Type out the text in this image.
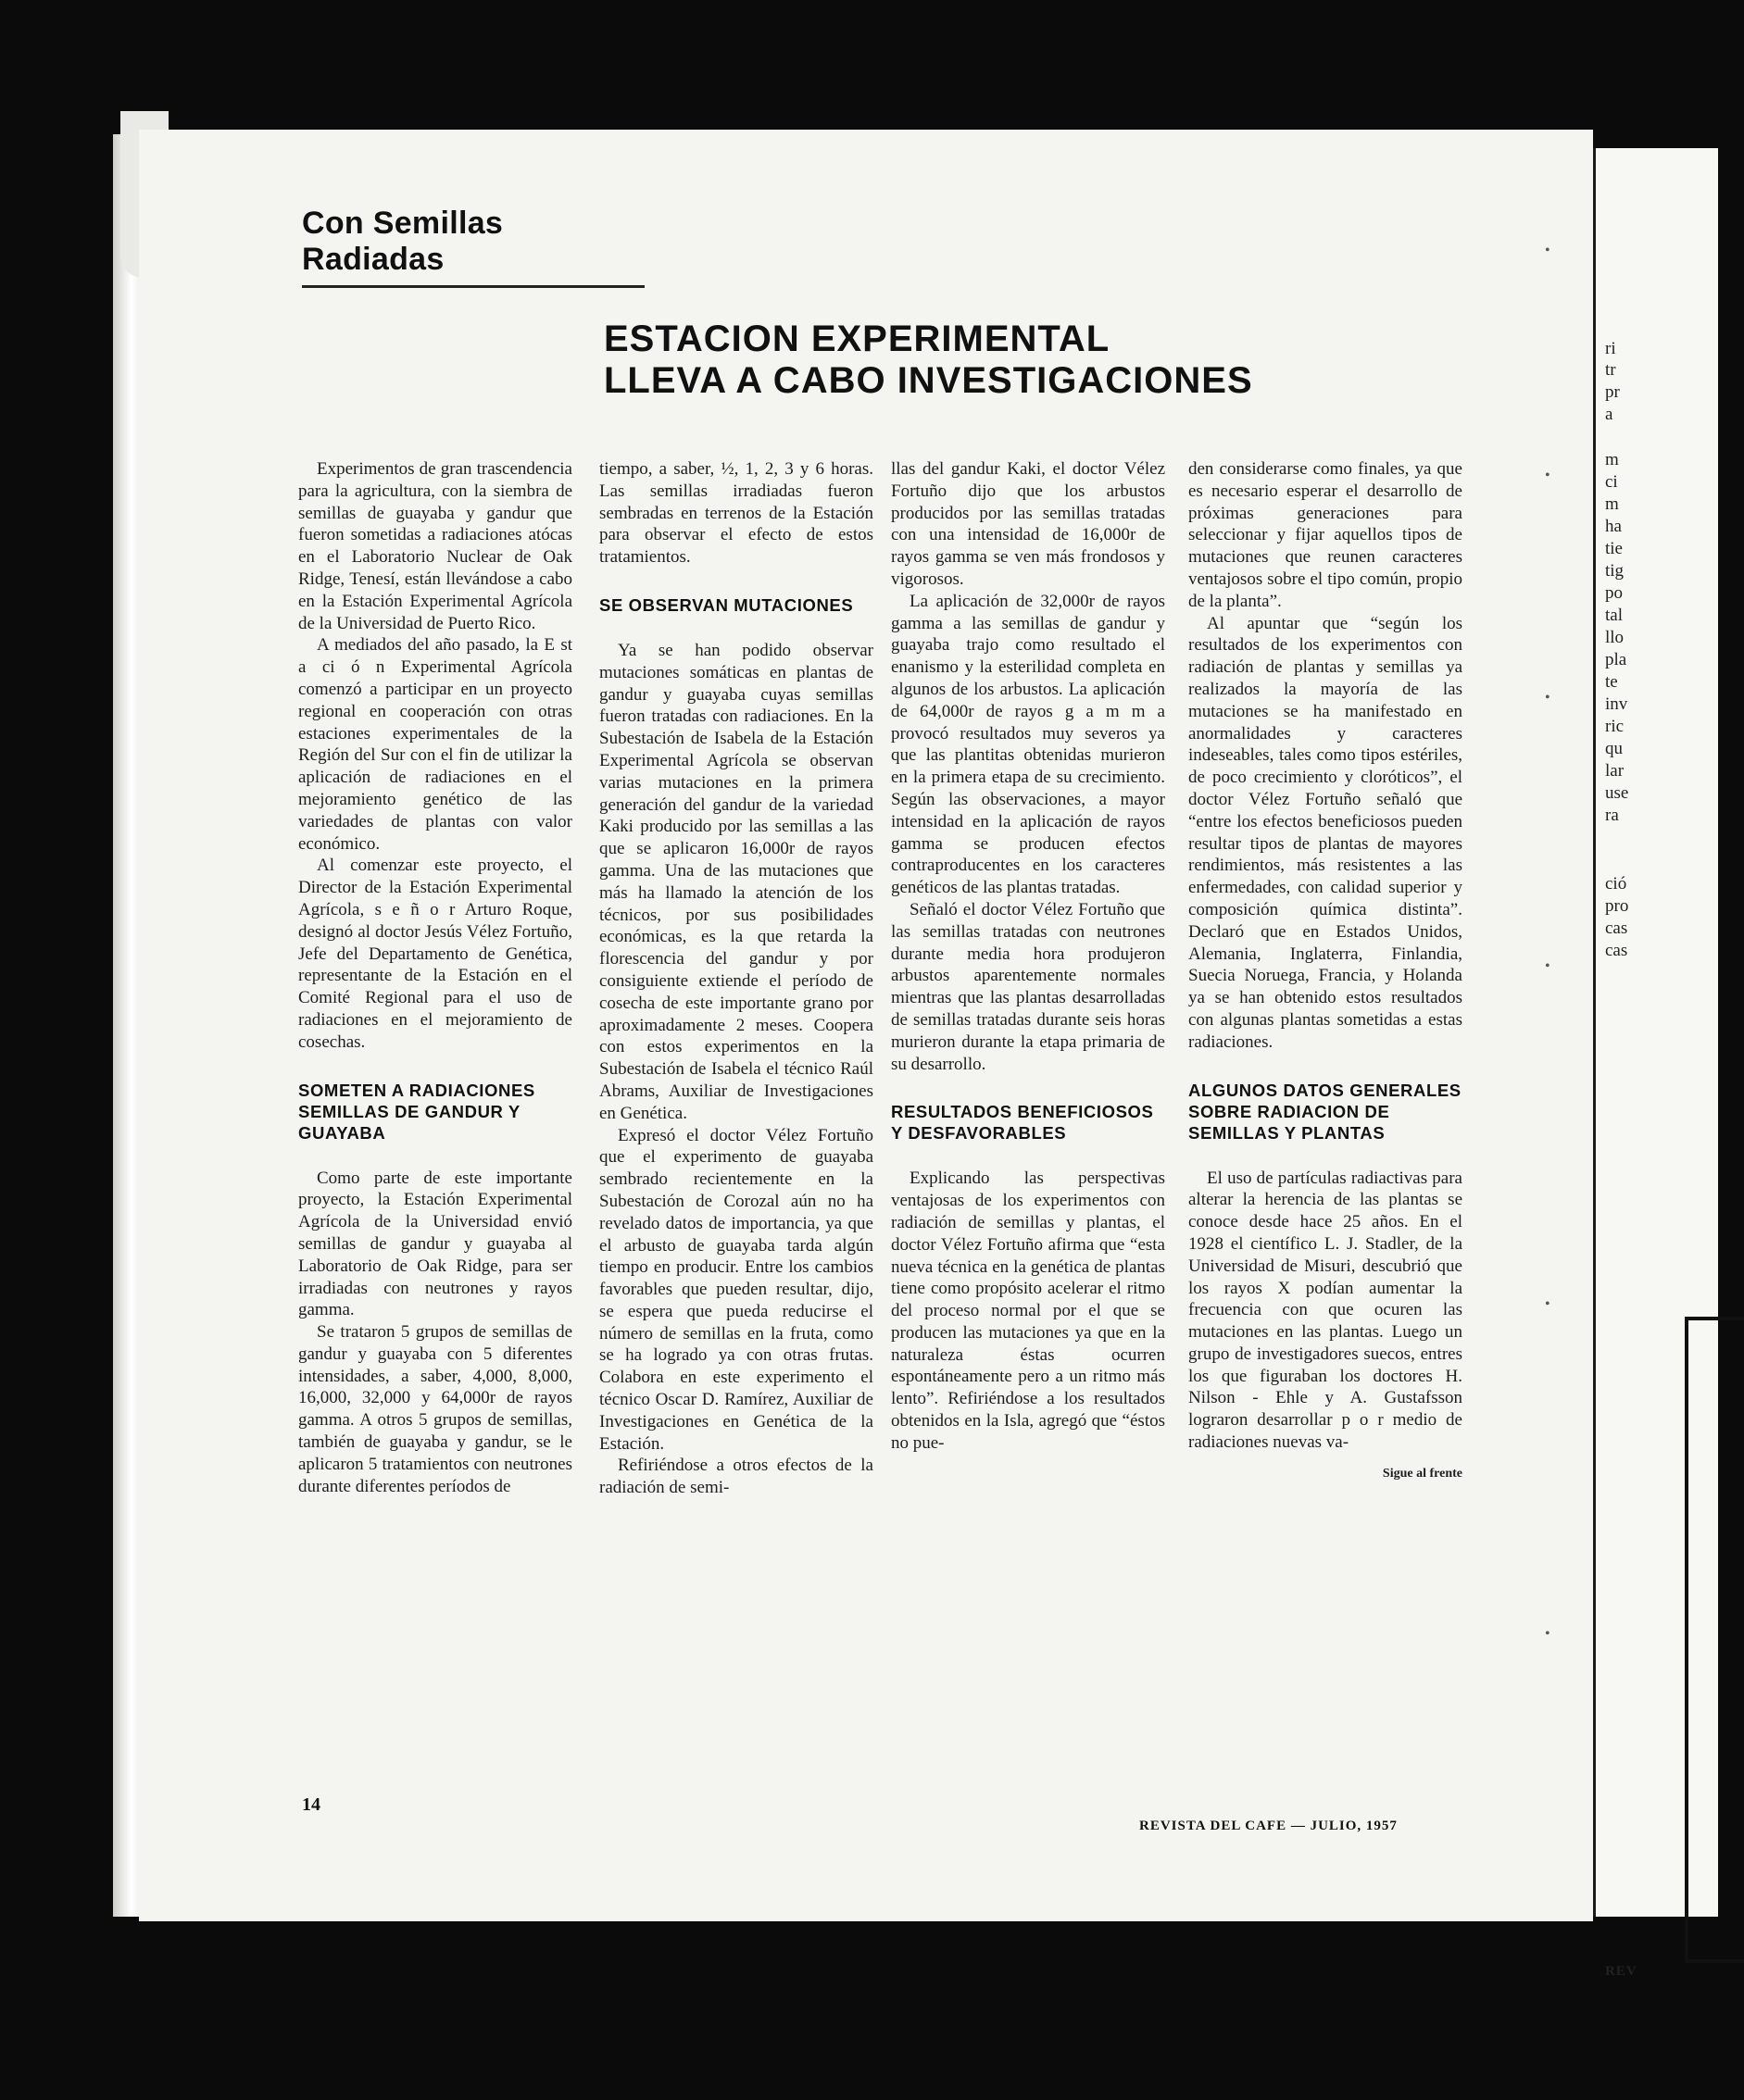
ri
tr
pr
a
m
ci
m
ha
tie
tig
po
tal
llo
pla
te
inv
ric
qu
lar
use
ra
ció
pro
cas
cas
REV
•
•
•
•
•
•
Con Semillas Radiadas
ESTACION EXPERIMENTAL
LLEVA A CABO INVESTIGACIONES

Experimentos de gran trascendencia para la agricultura, con la siembra de semillas de guayaba y gandur que fueron sometidas a radiaciones atócas en el Laboratorio Nuclear de Oak Ridge, Tenesí, están llevándose a cabo en la Estación Experimental Agrícola de la Universidad de Puerto Rico.

A mediados del año pasado, la E st a ci ó n Experimental Agrícola comenzó a participar en un proyecto regional en cooperación con otras estaciones experimentales de la Región del Sur con el fin de utilizar la aplicación de radiaciones en el mejoramiento genético de las variedades de plantas con valor económico.

Al comenzar este proyecto, el Director de la Estación Experimental Agrícola, s e ñ o r Arturo Roque, designó al doctor Jesús Vélez Fortuño, Jefe del Departamento de Genética, representante de la Estación en el Comité Regional para el uso de radiaciones en el mejoramiento de cosechas.

SOMETEN A RADIACIONES SEMILLAS DE GANDUR Y GUAYABA

Como parte de este importante proyecto, la Estación Experimental Agrícola de la Universidad envió semillas de gandur y guayaba al Laboratorio de Oak Ridge, para ser irradiadas con neutrones y rayos gamma.

Se trataron 5 grupos de semillas de gandur y guayaba con 5 diferentes intensidades, a saber, 4,000, 8,000, 16,000, 32,000 y 64,000r de rayos gamma. A otros 5 grupos de semillas, también de guayaba y gandur, se le aplicaron 5 tratamientos con neutrones durante diferentes períodos de

tiempo, a saber, ½, 1, 2, 3 y 6 horas. Las semillas irradiadas fueron sembradas en terrenos de la Estación para observar el efecto de estos tratamientos.

SE OBSERVAN MUTACIONES

Ya se han podido observar mutaciones somáticas en plantas de gandur y guayaba cuyas semillas fueron tratadas con radiaciones. En la Subestación de Isabela de la Estación Experimental Agrícola se observan varias mutaciones en la primera generación del gandur de la variedad Kaki producido por las semillas a las que se aplicaron 16,000r de rayos gamma. Una de las mutaciones que más ha llamado la atención de los técnicos, por sus posibilidades económicas, es la que retarda la florescencia del gandur y por consiguiente extiende el período de cosecha de este importante grano por aproximadamente 2 meses. Coopera con estos experimentos en la Subestación de Isabela el técnico Raúl Abrams, Auxiliar de Investigaciones en Genética.

Expresó el doctor Vélez Fortuño que el experimento de guayaba sembrado recientemente en la Subestación de Corozal aún no ha revelado datos de importancia, ya que el arbusto de guayaba tarda algún tiempo en producir. Entre los cambios favorables que pueden resultar, dijo, se espera que pueda reducirse el número de semillas en la fruta, como se ha logrado ya con otras frutas. Colabora en este experimento el técnico Oscar D. Ramírez, Auxiliar de Investigaciones en Genética de la Estación.

Refiriéndose a otros efectos de la radiación de semi-

llas del gandur Kaki, el doctor Vélez Fortuño dijo que los arbustos producidos por las semillas tratadas con una intensidad de 16,000r de rayos gamma se ven más frondosos y vigorosos.

La aplicación de 32,000r de rayos gamma a las semillas de gandur y guayaba trajo como resultado el enanismo y la esterilidad completa en algunos de los arbustos. La aplicación de 64,000r de rayos g a m m a provocó resultados muy severos ya que las plantitas obtenidas murieron en la primera etapa de su crecimiento. Según las observaciones, a mayor intensidad en la aplicación de rayos gamma se producen efectos contraproducentes en los caracteres genéticos de las plantas tratadas.

Señaló el doctor Vélez Fortuño que las semillas tratadas con neutrones durante media hora produjeron arbustos aparentemente normales mientras que las plantas desarrolladas de semillas tratadas durante seis horas murieron durante la etapa primaria de su desarrollo.

RESULTADOS BENEFICIOSOS Y DESFAVORABLES

Explicando las perspectivas ventajosas de los experimentos con radiación de semillas y plantas, el doctor Vélez Fortuño afirma que “esta nueva técnica en la genética de plantas tiene como propósito acelerar el ritmo del proceso normal por el que se producen las mutaciones ya que en la naturaleza éstas ocurren espontáneamente pero a un ritmo más lento”. Refiriéndose a los resultados obtenidos en la Isla, agregó que “éstos no pue-

den considerarse como finales, ya que es necesario esperar el desarrollo de próximas generaciones para seleccionar y fijar aquellos tipos de mutaciones que reunen caracteres ventajosos sobre el tipo común, propio de la planta”.

Al apuntar que “según los resultados de los experimentos con radiación de plantas y semillas ya realizados la mayoría de las mutaciones se ha manifestado en anormalidades y caracteres indeseables, tales como tipos estériles, de poco crecimiento y cloróticos”, el doctor Vélez Fortuño señaló que “entre los efectos beneficiosos pueden resultar tipos de plantas de mayores rendimientos, más resistentes a las enfermedades, con calidad superior y composición química distinta”. Declaró que en Estados Unidos, Alemania, Inglaterra, Finlandia, Suecia Noruega, Francia, y Holanda ya se han obtenido estos resultados con algunas plantas sometidas a estas radiaciones.

ALGUNOS DATOS GENERALES SOBRE RADIACION DE SEMILLAS Y PLANTAS

El uso de partículas radiactivas para alterar la herencia de las plantas se conoce desde hace 25 años. En el 1928 el científico L. J. Stadler, de la Universidad de Misuri, descubrió que los rayos X podían aumentar la frecuencia con que ocuren las mutaciones en las plantas. Luego un grupo de investigadores suecos, entres los que figuraban los doctores H. Nilson - Ehle y A. Gustafsson lograron desarrollar p o r medio de radiaciones nuevas va-

Sigue al frente
14
REVISTA DEL CAFE — JULIO, 1957
